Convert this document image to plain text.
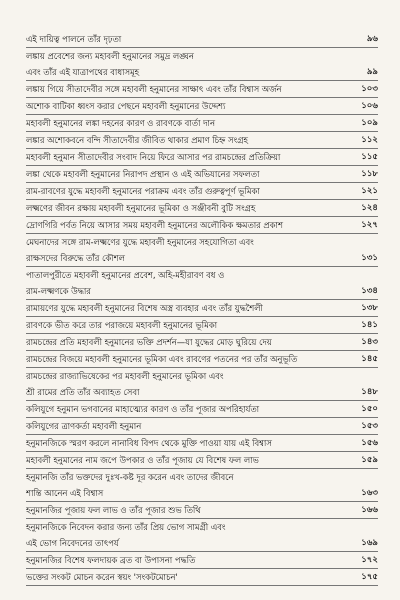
এই দায়িত্ব পালনে তাঁর দৃঢ়তা	৯৬
লঙ্কায় প্রবেশের জন্য মহাবলী হনুমানের সমুদ্র লঙ্ঘন
এবং তাঁর এই যাত্রাপথের বাধাসমূহ	৯৯
লঙ্কায় গিয়ে সীতাদেবীর সঙ্গে মহাবলী হনুমানের সাক্ষাৎ এবং তাঁর বিশ্বাস অর্জন	১০৩
অশোক বাটিকা ধ্বংস করার পেছনে মহাবলী হনুমানের উদ্দেশ্য	১০৬
মহাবলী হনুমানের লঙ্কা দহনের কারণ ও রাবণকে বার্তা দান	১০৯
লঙ্কার অশোকবনে বন্দি সীতাদেবীর জীবিত থাকার প্রমাণ চিহ্ন সংগ্রহ	১১২
মহাবলী হনুমান সীতাদেবীর সংবাদ নিয়ে ফিরে আসার পর রামচন্দ্রের প্রতিক্রিয়া	১১৫
লঙ্কা থেকে মহাবলী হনুমানের নিরাপদ প্রস্থান ও এই অভিযানের সফলতা	১১৮
রাম-রাবণের যুদ্ধে মহাবলী হনুমানের পরাক্রম এবং তাঁর গুরুত্বপূর্ণ ভূমিকা	১২১
লক্ষ্মণের জীবন রক্ষায় মহাবলী হনুমানের ভূমিকা ও সঞ্জীবনী বুটি সংগ্রহ	১২৪
দ্রোণগিরি পর্বত নিয়ে আসার সময় মহাবলী হনুমানের অলৌকিক ক্ষমতার প্রকাশ	১২৭
মেঘনাদের সঙ্গে রাম-লক্ষ্মণের যুদ্ধে মহাবলী হনুমানের সহযোগিতা এবং
রাক্ষসদের বিরুদ্ধে তাঁর কৌশল	১৩১
পাতালপুরীতে মহাবলী হনুমানের প্রবেশ, অহি-মহীরাবণ বধ ও
রাম-লক্ষ্মণকে উদ্ধার	১৩৪
রামায়ণের যুদ্ধে মহাবলী হনুমানের বিশেষ অস্ত্র ব্যবহার এবং তাঁর যুদ্ধশৈলী	১৩৮
রাবণকে ভীত করে তার পরাজয়ে মহাবলী হনুমানের ভূমিকা	১৪১
রামচন্দ্রের প্রতি মহাবলী হনুমানের ভক্তি প্রদর্শন—যা যুদ্ধের মোড় ঘুরিয়ে দেয়	১৪৩
রামচন্দ্রের বিজয়ে মহাবলী হনুমানের ভূমিকা এবং রাবণের পতনের পর তাঁর অনুভূতি	১৪৫
রামচন্দ্রের রাজ্যাভিষেকের পর মহাবলী হনুমানের ভূমিকা এবং
শ্রী রামের প্রতি তাঁর অব্যাহত সেবা	১৪৮
কলিযুগে হনুমান ভগবানের মাহাত্ম্যের কারণ ও তাঁর পূজার অপরিহার্যতা	১৫০
কলিযুগের ত্রাণকর্তা মহাবলী হনুমান	১৫৩
হনুমানজিকে স্মরণ করলে নানাবিধ বিপদ থেকে মুক্তি পাওয়া যায় এই বিশ্বাস	১৫৬
মহাবলী হনুমানের নাম জপে উপকার ও তাঁর পূজায় যে বিশেষ ফল লাভ	১৫৯
হনুমানজি তাঁর ভক্তদের দুঃখ-কষ্ট দূর করেন এবং তাদের জীবনে
শান্তি আনেন এই বিশ্বাস	১৬৩
হনুমানজির পূজায় ফল লাভ ও তাঁর পূজার শুভ তিথি	১৬৬
হনুমানজিকে নিবেদন করার জন্য তাঁর প্রিয় ভোগ সামগ্রী এবং
এই ভোগ নিবেদনের তাৎপর্য	১৬৯
হনুমানজির বিশেষ ফলদায়ক ব্রত বা উপাসনা পদ্ধতি	১৭২
ভক্তের সংকট মোচন করেন স্বয়ং 'সংকটমোচন'	১৭৫
